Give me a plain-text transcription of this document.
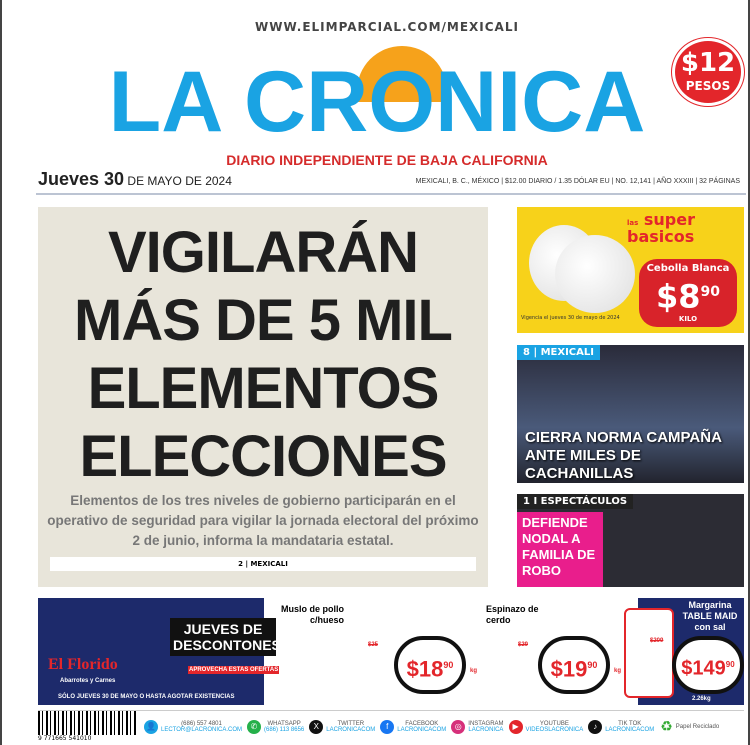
WWW.ELIMPARCIAL.COM/MEXICALI
LA CRONICA	$12
PESOS
DIARIO INDEPENDIENTE DE BAJA CALIFORNIA
Jueves 30 DE MAYO DE 2024	MEXICALI, B. C., MÉXICO | $12.00 DIARIO / 1.35 DÓLAR EU | NO. 12,141 | AÑO XXXIII | 32 PÁGINAS
VIGILARÁN
MÁS DE 5 MIL
ELEMENTOS
ELECCIONES
Elementos de los tres niveles de gobierno participarán en el operativo de seguridad para vigilar la jornada electoral del próximo 2 de junio, informa la mandataria estatal.
2 | MEXICALI
las super basicos
Cebolla Blanca
$\$8^{90}$
KILO
Vigencia el jueves 30 de mayo de 2024
8 | MEXICALI
CIERRA NORMA CAMPAÑA ANTE MILES DE CACHANILLAS
1 I ESPECTÁCULOS
DEFIENDE NODAL A FAMILIA DE ROBO
El Florido
Abarrotes y Carnes
JUEVES DE DESCONTONES
APROVECHA ESTAS OFERTAS
SÓLO JUEVES 30 DE MAYO O HASTA AGOTAR EXISTENCIAS
Muslo de pollo c/hueso
$25
$\$18^{90}$
kg
Espinazo de cerdo
$29
$\$19^{90}$
kg
Margarina TABLE MAID con sal
$209
$\$149^{90}$
2.26kg
9 771665 541010
👤	(686) 557 4801
LECTOR@LACRONICA.COM	✆	WHATSAPP
(686) 113 8656	X	TWITTER
LACRONICACOM	f	FACEBOOK
LACRONICACOM	◎	INSTAGRAM
LACRONICA	▶	YOUTUBE
VIDEOSLACRONICA	♪	TIK TOK
LACRONICACOM ♻ Papel Reciclado
